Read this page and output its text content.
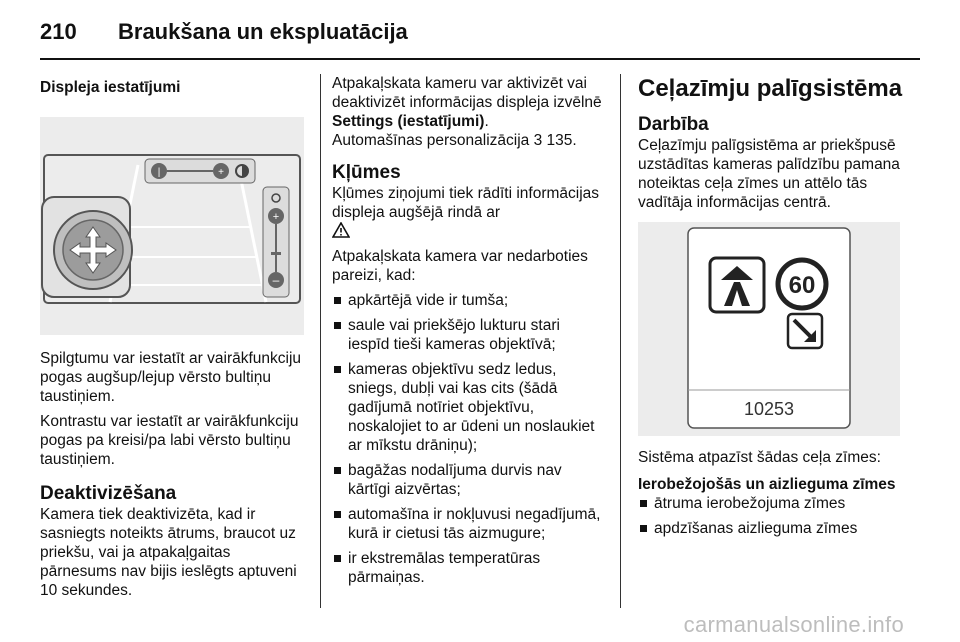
210	Braukšana un ekspluatācija
Displeja iestatījumi
|	+
+
–

Spilgtumu var iestatīt ar vairākfunkciju pogas augšup/lejup vērsto bultiņu taustiņiem.

Kontrastu var iestatīt ar vairākfunkciju pogas pa kreisi/pa labi vērsto bultiņu taustiņiem.

Deaktivizēšana

Kamera tiek deaktivizēta, kad ir sasniegts noteikts ātrums, braucot uz priekšu, vai ja atpakaļgaitas pārnesums nav bijis ieslēgts aptuveni 10 sekundes.

Atpakaļskata kameru var aktivizēt vai deaktivizēt informācijas displeja izvēlnē Settings (iestatījumi).
Automašīnas personalizācija 3 135.

Kļūmes

Kļūmes ziņojumi tiek rādīti informācijas displeja augšējā rindā ar

Atpakaļskata kamera var nedarboties pareizi, kad:

apkārtējā vide ir tumša;
saule vai priekšējo lukturu stari iespīd tieši kameras objektīvā;
kameras objektīvu sedz ledus, sniegs, dubļi vai kas cits (šādā gadījumā notīriet objektīvu, noskalojiet to ar ūdeni un noslaukiet ar mīkstu drāniņu);
bagāžas nodalījuma durvis nav kārtīgi aizvērtas;
automašīna ir nokļuvusi negadījumā, kurā ir cietusi tās aizmugure;
ir ekstremālas temperatūras pārmaiņas.
Ceļazīmju palīgsistēma
Darbība

Ceļazīmju palīgsistēma ar priekšpusē uzstādītas kameras palīdzību pamana noteiktas ceļa zīmes un attēlo tās vadītāja informācijas centrā.

60
10253

Sistēma atpazīst šādas ceļa zīmes:

Ierobežojošās un aizlieguma zīmes
ātruma ierobežojuma zīmes
apdzīšanas aizlieguma zīmes
carmanualsonline.info
